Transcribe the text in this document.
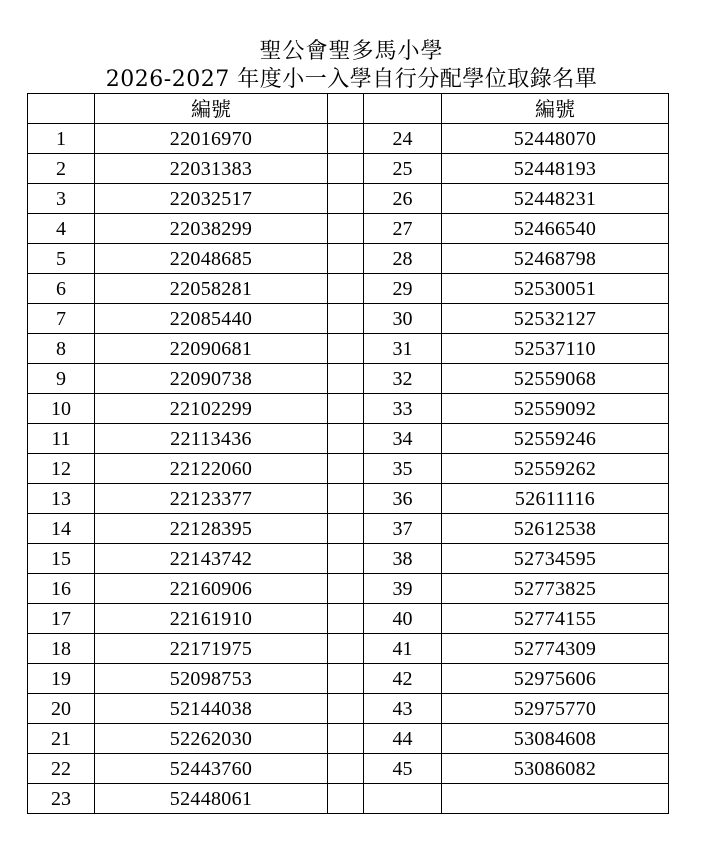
聖公會聖多馬小學
2026-2027 年度小一入學自行分配學位取錄名單
	編號			編號
1	22016970		24	52448070
2	22031383		25	52448193
3	22032517		26	52448231
4	22038299		27	52466540
5	22048685		28	52468798
6	22058281		29	52530051
7	22085440		30	52532127
8	22090681		31	52537110
9	22090738		32	52559068
10	22102299		33	52559092
11	22113436		34	52559246
12	22122060		35	52559262
13	22123377		36	52611116
14	22128395		37	52612538
15	22143742		38	52734595
16	22160906		39	52773825
17	22161910		40	52774155
18	22171975		41	52774309
19	52098753		42	52975606
20	52144038		43	52975770
21	52262030		44	53084608
22	52443760		45	53086082
23	52448061			
